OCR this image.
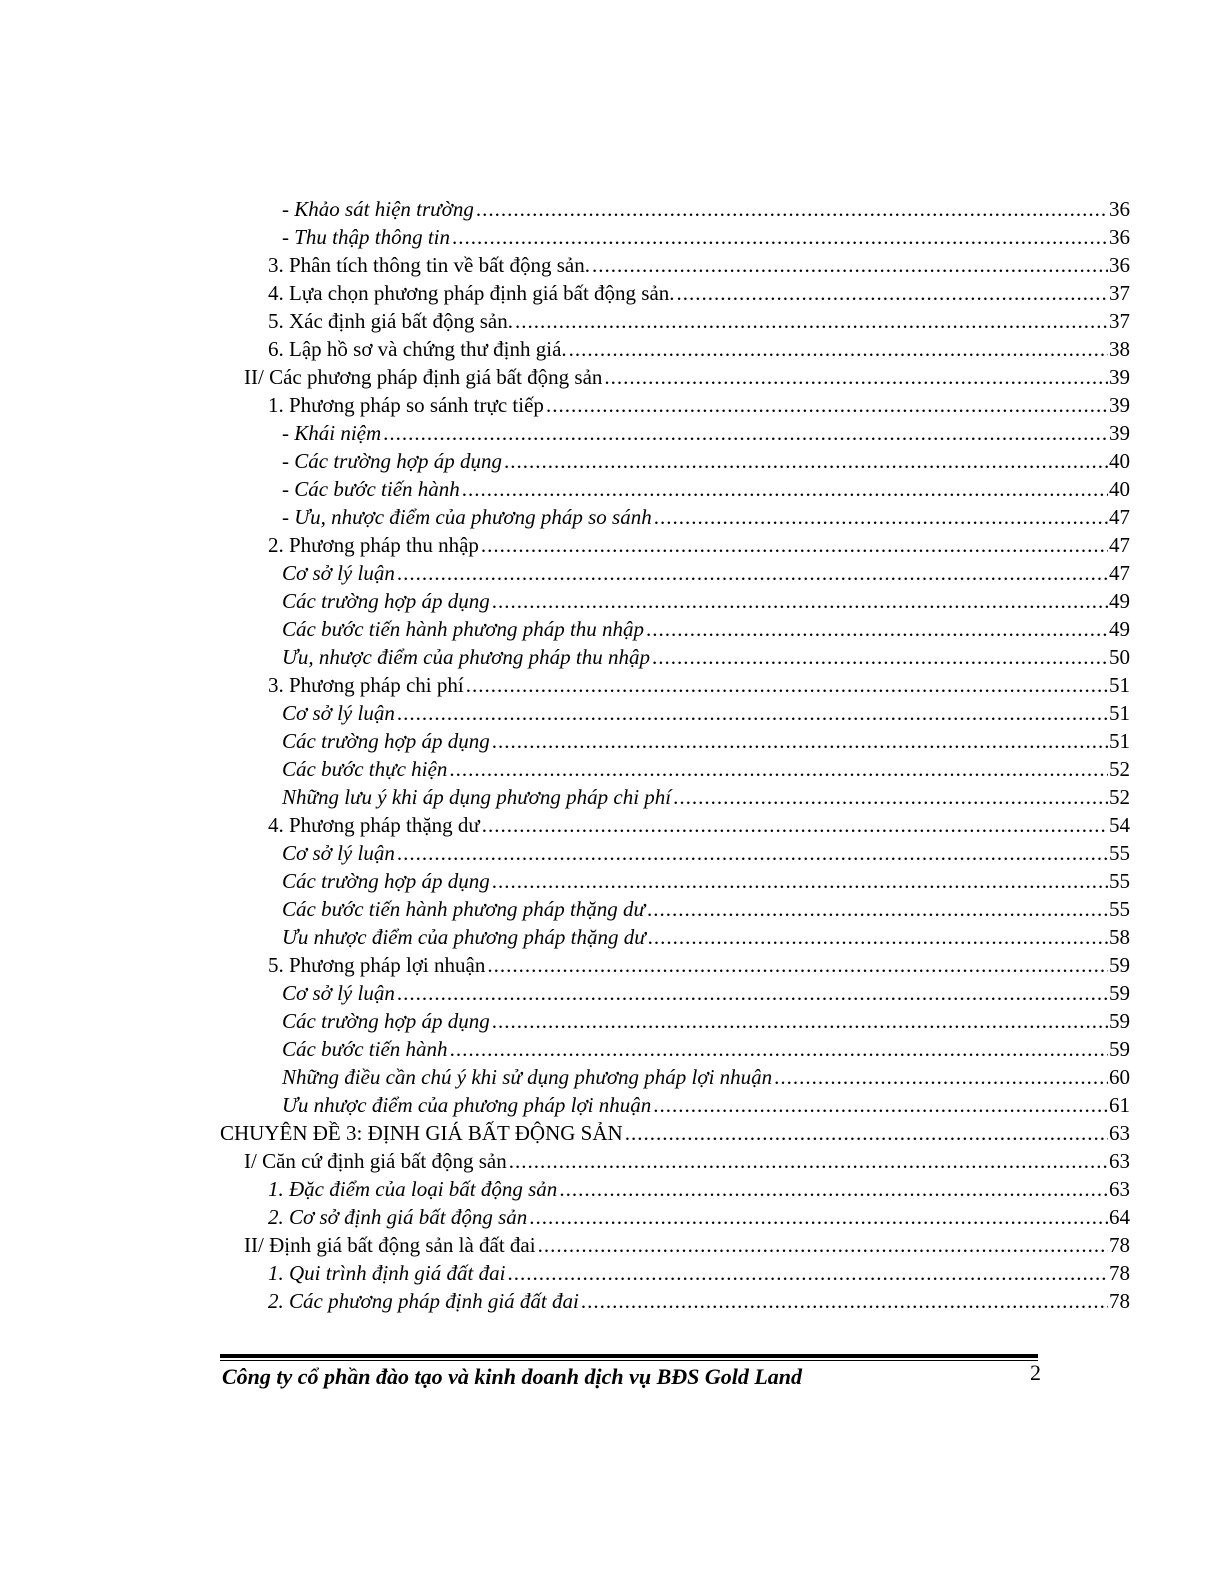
- Khảo sát hiện trường .....	36
- Thu thập thông tin .....	36
3. Phân tích thông tin về bất động sản. .....	36
4. Lựa chọn phương pháp định giá bất động sản. .....	37
5. Xác định giá bất động sản. .....	37
6. Lập hồ sơ và chứng thư định giá. .....	38
II/ Các phương pháp định giá bất động sản .....	39
1. Phương pháp so sánh trực tiếp .....	39
- Khái niệm .....	39
- Các trường hợp áp dụng .....	40
- Các bước tiến hành .....	40
- Ưu, nhược điểm của phương pháp so sánh .....	47
2. Phương pháp thu nhập .....	47
Cơ sở lý luận .....	47
Các trường hợp áp dụng .....	49
Các bước tiến hành phương pháp thu nhập .....	49
Ưu, nhược điểm của phương pháp thu nhập .....	50
3. Phương pháp chi phí .....	51
Cơ sở lý luận .....	51
Các trường hợp áp dụng .....	51
Các bước thực hiện .....	52
Những lưu ý khi áp dụng phương pháp chi phí .....	52
4. Phương pháp thặng dư .....	54
Cơ sở lý luận .....	55
Các trường hợp áp dụng .....	55
Các bước tiến hành phương pháp thặng dư .....	55
Ưu nhược điểm của phương pháp thặng dư .....	58
5. Phương pháp lợi nhuận .....	59
Cơ sở lý luận .....	59
Các trường hợp áp dụng .....	59
Các bước tiến hành .....	59
Những điều cần chú ý khi sử dụng phương pháp lợi nhuận .....	60
Ưu nhược điểm của phương pháp lợi nhuận .....	61
CHUYÊN ĐỀ 3: ĐỊNH GIÁ BẤT ĐỘNG SẢN .....	63
I/ Căn cứ định giá bất động sản .....	63
1. Đặc điểm của loại bất động sản .....	63
2. Cơ sở định giá bất động sản .....	64
II/ Định giá bất động sản là đất đai .....	78
1. Qui trình định giá đất đai .....	78
2. Các phương pháp định giá đất đai .....	78
Công ty cổ phần đào tạo và kinh doanh dịch vụ BĐS Gold Land	2
